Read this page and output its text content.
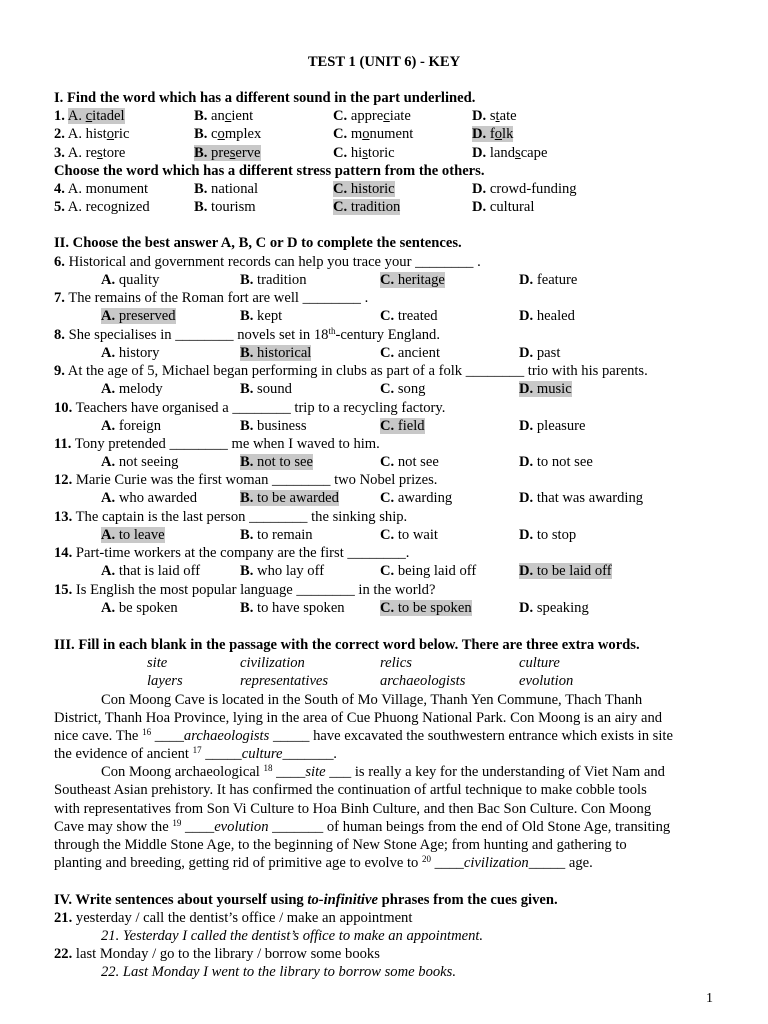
TEST 1 (UNIT 6) - KEY
I. Find the word which has a different sound in the part underlined.
1. A. citadel	B. ancient	C. appreciate	D. state
2. A. historic	B. complex	C. monument	D. folk
3. A. restore	B. preserve	C. historic	D. landscape
Choose the word which has a different stress pattern from the others.
4. A. monument	B. national	C. historic	D. crowd-funding
5. A. recognized	B. tourism	C. tradition	D. cultural
II. Choose the best answer A, B, C or D to complete the sentences.
III. Fill in each blank in the passage with the correct word below. There are three extra words.
site	civilization	relics	culture
layers	representatives	archaeologists	evolution
Con Moong Cave is located in the South of Mo Village, Thanh Yen Commune, Thach Thanh
District, Thanh Hoa Province, lying in the area of Cue Phuong National Park. Con Moong is an airy and
nice cave. The $^{16}$ ____archaeologists _____ have excavated the southwestern entrance which exists in site
the evidence of ancient $^{17}$ _____culture_______.
Con Moong archaeological $^{18}$ ____site ___ is really a key for the understanding of Viet Nam and
Southeast Asian prehistory. It has confirmed the continuation of artful technique to make cobble tools
with representatives from Son Vi Culture to Hoa Binh Culture, and then Bac Son Culture. Con Moong
Cave may show the $^{19}$ ____evolution _______ of human beings from the end of Old Stone Age, transiting
through the Middle Stone Age, to the beginning of New Stone Age; from hunting and gathering to
planting and breeding, getting rid of primitive age to evolve to $^{20}$ ____civilization_____ age.
IV. Write sentences about yourself using to-infinitive phrases from the cues given.
21. yesterday / call the dentist’s office / make an appointment
21. Yesterday I called the dentist’s office to make an appointment.
22. last Monday / go to the library / borrow some books
22. Last Monday I went to the library to borrow some books.
1
6. Historical and government records can help you trace your ________ .
A. quality	B. tradition	C. heritage	D. feature
7. The remains of the Roman fort are well ________ .
A. preserved	B. kept	C. treated	D. healed
8. She specialises in ________ novels set in 18th-century England.
A. history	B. historical	C. ancient	D. past
9. At the age of 5, Michael began performing in clubs as part of a folk ________ trio with his parents.
A. melody	B. sound	C. song	D. music
10. Teachers have organised a ________ trip to a recycling factory.
A. foreign	B. business	C. field	D. pleasure
11. Tony pretended ________ me when I waved to him.
A. not seeing	B. not to see	C. not see	D. to not see
12. Marie Curie was the first woman ________ two Nobel prizes.
A. who awarded	B. to be awarded	C. awarding	D. that was awarding
13. The captain is the last person ________ the sinking ship.
A. to leave	B. to remain	C. to wait	D. to stop
14. Part-time workers at the company are the first ________.
A. that is laid off	B. who lay off	C. being laid off	D. to be laid off
15. Is English the most popular language ________ in the world?
A. be spoken	B. to have spoken C. to be spoken	D. speaking
